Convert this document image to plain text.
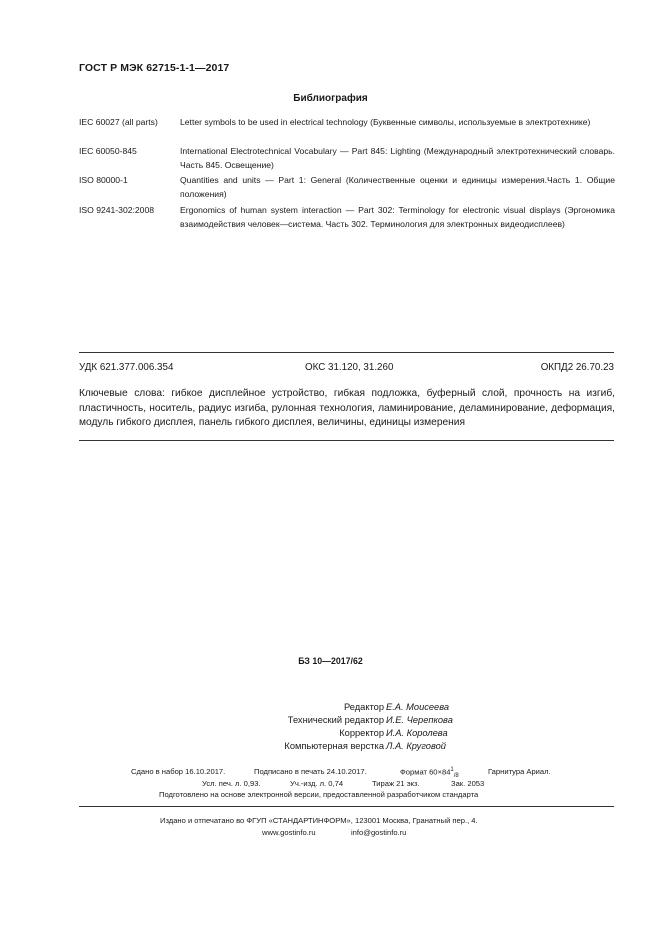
ГОСТ Р МЭК 62715-1-1—2017
Библиография
IEC 60027 (all parts)	Letter symbols to be used in electrical technology (Буквенные символы, используемые в электротехнике)
IEC 60050-845	International Electrotechnical Vocabulary — Part 845: Lighting (Международный электротехнический словарь. Часть 845. Освещение)
ISO 80000-1	Quantities and units — Part 1: General (Количественные оценки и единицы измерения.Часть 1. Общие положения)
ISO 9241-302:2008	Ergonomics of human system interaction — Part 302: Terminology for electronic visual displays (Эргономика взаимодействия человек—система. Часть 302. Терминология для электронных видеодисплеев)
УДК 621.377.006.354	ОКС 31.120, 31.260	ОКПД2 26.70.23
Ключевые слова: гибкое дисплейное устройство, гибкая подложка, буферный слой, прочность на изгиб, пластичность, носитель, радиус изгиба, рулонная технология, ламинирование, деламинирование, деформация, модуль гибкого дисплея, панель гибкого дисплея, величины, единицы измерения
БЗ 10—2017/62
Редактор Е.А. Моисеева
Технический редактор И.Е. Черепкова
Корректор И.А. Королева
Компьютерная верстка Л.А. Круговой
Сдано в набор 16.10.2017.	Подписано в печать 24.10.2017.	Формат $60\times 84^1_{/8}$
Гарнитура Ариал.
Усл. печ. л. 0,93.	Уч.-изд. л. 0,74	Тираж 21 экз.	Зак. 2053
Подготовлено на основе электронной версии, предоставленной разработчиком стандарта
Издано и отпечатано во ФГУП «СТАНДАРТИНФОРМ», 123001 Москва, Гранатный пер., 4.
www.gostinfo.ru	info@gostinfo.ru
